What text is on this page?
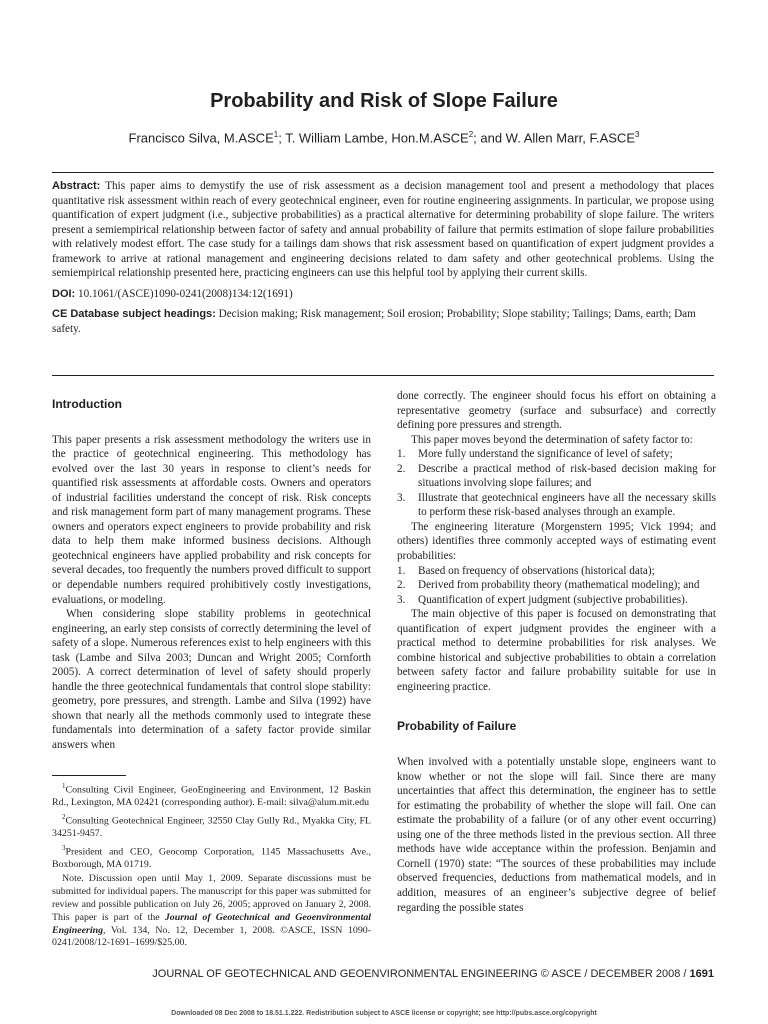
Probability and Risk of Slope Failure
Francisco Silva, M.ASCE$^1$; T. William Lambe, Hon.M.ASCE$^2$; and W. Allen Marr, F.ASCE$^3$

Abstract: This paper aims to demystify the use of risk assessment as a decision management tool and present a methodology that places quantitative risk assessment within reach of every geotechnical engineer, even for routine engineering assignments. In particular, we propose using quantification of expert judgment (i.e., subjective probabilities) as a practical alternative for determining probability of slope failure. The writers present a semiempirical relationship between factor of safety and annual probability of failure that permits estimation of slope failure probabilities with relatively modest effort. The case study for a tailings dam shows that risk assessment based on quantification of expert judgment provides a framework to arrive at rational management and engineering decisions related to dam safety and other geotechnical problems. Using the semiempirical relationship presented here, practicing engineers can use this helpful tool by applying their current skills.

DOI: 10.1061/(ASCE)1090-0241(2008)134:12(1691)

CE Database subject headings: Decision making; Risk management; Soil erosion; Probability; Slope stability; Tailings; Dams, earth; Dam safety.

Introduction

This paper presents a risk assessment methodology the writers use in the practice of geotechnical engineering. This methodology has evolved over the last 30 years in response to client’s needs for quantified risk assessments at affordable costs. Owners and operators of industrial facilities understand the concept of risk. Risk concepts and risk management form part of many management programs. These owners and operators expect engineers to provide probability and risk data to help them make informed business decisions. Although geotechnical engineers have applied probability and risk concepts for several decades, too frequently the numbers proved difficult to support or dependable numbers required prohibitively costly investigations, evaluations, or modeling.

When considering slope stability problems in geotechnical engineering, an early step consists of correctly determining the level of safety of a slope. Numerous references exist to help engineers with this task (Lambe and Silva 2003; Duncan and Wright 2005; Cornforth 2005). A correct determination of level of safety should properly handle the three geotechnical fundamentals that control slope stability: geometry, pore pressures, and strength. Lambe and Silva (1992) have shown that nearly all the methods commonly used to integrate these fundamentals into determination of a safety factor provide similar answers when

$^1$Consulting Civil Engineer, GeoEngineering and Environment, 12 Baskin Rd., Lexington, MA 02421 (corresponding author). E-mail: silva@alum.mit.edu

$^2$Consulting Geotechnical Engineer, 32550 Clay Gully Rd., Myakka City, FL 34251-9457.

$^3$President and CEO, Geocomp Corporation, 1145 Massachusetts Ave., Boxborough, MA 01719.

Note. Discussion open until May 1, 2009. Separate discussions must be submitted for individual papers. The manuscript for this paper was submitted for review and possible publication on July 26, 2005; approved on January 2, 2008. This paper is part of the Journal of Geotechnical and Geoenvironmental Engineering, Vol. 134, No. 12, December 1, 2008. ©ASCE, ISSN 1090-0241/2008/12-1691–1699/$25.00.

done correctly. The engineer should focus his effort on obtaining a representative geometry (surface and subsurface) and correctly defining pore pressures and strength.

This paper moves beyond the determination of safety factor to:

1. More fully understand the significance of level of safety;
2. Describe a practical method of risk-based decision making for situations involving slope failures; and
3. Illustrate that geotechnical engineers have all the necessary skills to perform these risk-based analyses through an example.

The engineering literature (Morgenstern 1995; Vick 1994; and others) identifies three commonly accepted ways of estimating event probabilities:

1. Based on frequency of observations (historical data);
2. Derived from probability theory (mathematical modeling); and
3. Quantification of expert judgment (subjective probabilities).

The main objective of this paper is focused on demonstrating that quantification of expert judgment provides the engineer with a practical method to determine probabilities for risk analyses. We combine historical and subjective probabilities to obtain a correlation between safety factor and failure probability suitable for use in engineering practice.

Probability of Failure

When involved with a potentially unstable slope, engineers want to know whether or not the slope will fail. Since there are many uncertainties that affect this determination, the engineer has to settle for estimating the probability of whether the slope will fail. One can estimate the probability of a failure (or of any other event occurring) using one of the three methods listed in the previous section. All three methods have wide acceptance within the profession. Benjamin and Cornell (1970) state: “The sources of these probabilities may include observed frequencies, deductions from mathematical models, and in addition, measures of an engineer’s subjective degree of belief regarding the possible states

JOURNAL OF GEOTECHNICAL AND GEOENVIRONMENTAL ENGINEERING © ASCE / DECEMBER 2008 / 1691
Downloaded 08 Dec 2008 to 18.51.1.222. Redistribution subject to ASCE license or copyright; see http://pubs.asce.org/copyright
